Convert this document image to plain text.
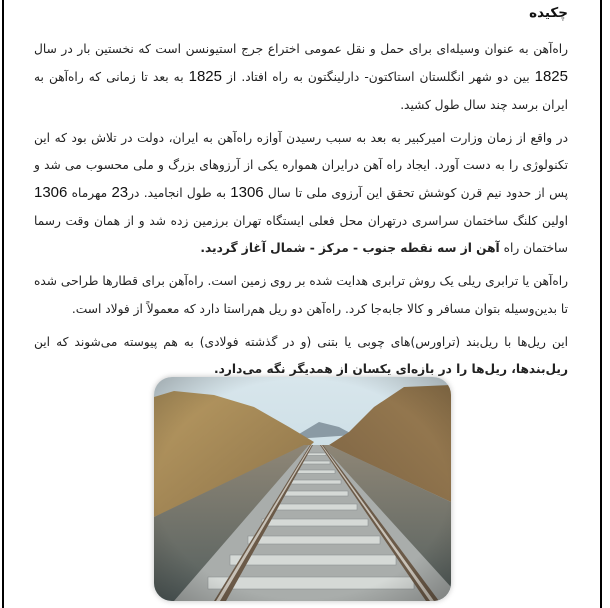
چکیده

راه‌آهن به عنوان وسیله‌ای برای حمل و نقل عمومی اختراع جرج استیونسن است که نخستین بار در سال 1825 بین دو شهر انگلستان استاکتون- دارلینگتون به راه افتاد. از 1825 به بعد تا زمانی که راه‌آهن به ایران برسد چند سال طول کشید.

در واقع از زمان وزارت امیرکبیر به بعد به سبب رسیدن آوازه راه‌آهن به ایران، دولت در تلاش بود که این تکنولوژی را به دست آورد. ایجاد راه آهن درایران همواره یکی از آرزوهای بزرگ و ملی محسوب می شد و پس از حدود نیم قرن کوشش تحقق این آرزوی ملی تا سال 1306 به طول انجامید. در23 مهرماه 1306 اولین کلنگ ساختمان سراسری درتهران محل فعلی ایستگاه تهران برزمین زده شد و از همان وقت رسما ساختمان راه آهن از سه نقطه جنوب - مرکز - شمال آغاز گردید.

راه‌آهن یا ترابری ریلی یک روش ترابری هدایت شده بر روی زمین است. راه‌آهن برای قطارها طراحی شده تا بدین‌وسیله بتوان مسافر و کالا جابه‌جا کرد. راه‌آهن دو ریل هم‌راستا دارد که معمولاً از فولاد است.

این ریل‌ها با ریل‌بند (تراورس)های چوبی یا بتنی (و در گذشته فولادی) به هم پیوسته می‌شوند که این ریل‌بندها، ریل‌ها را در بازه‌ای یکسان از همدیگر نگه می‌دارد.
